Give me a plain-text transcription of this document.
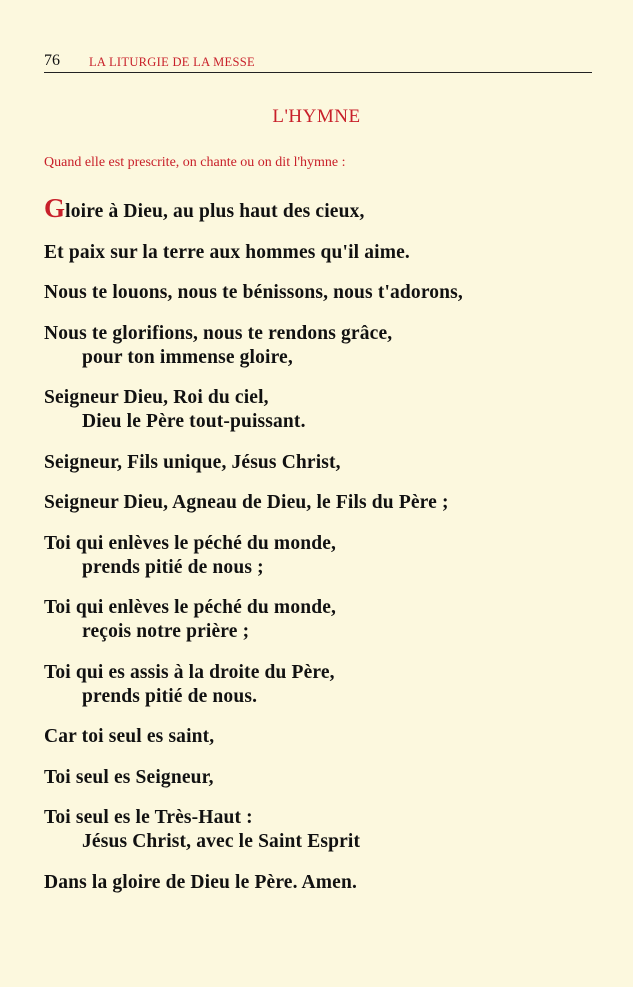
76 LA LITURGIE DE LA MESSE
L'HYMNE
Quand elle est prescrite, on chante ou on dit l'hymne :
Gloire à Dieu, au plus haut des cieux,
Et paix sur la terre aux hommes qu'il aime.
Nous te louons, nous te bénissons, nous t'adorons,
Nous te glorifions, nous te rendons grâce,
pour ton immense gloire,
Seigneur Dieu, Roi du ciel,
Dieu le Père tout-puissant.
Seigneur, Fils unique, Jésus Christ,
Seigneur Dieu, Agneau de Dieu, le Fils du Père ;
Toi qui enlèves le péché du monde,
prends pitié de nous ;
Toi qui enlèves le péché du monde,
reçois notre prière ;
Toi qui es assis à la droite du Père,
prends pitié de nous.
Car toi seul es saint,
Toi seul es Seigneur,
Toi seul es le Très-Haut :
Jésus Christ, avec le Saint Esprit
Dans la gloire de Dieu le Père. Amen.
